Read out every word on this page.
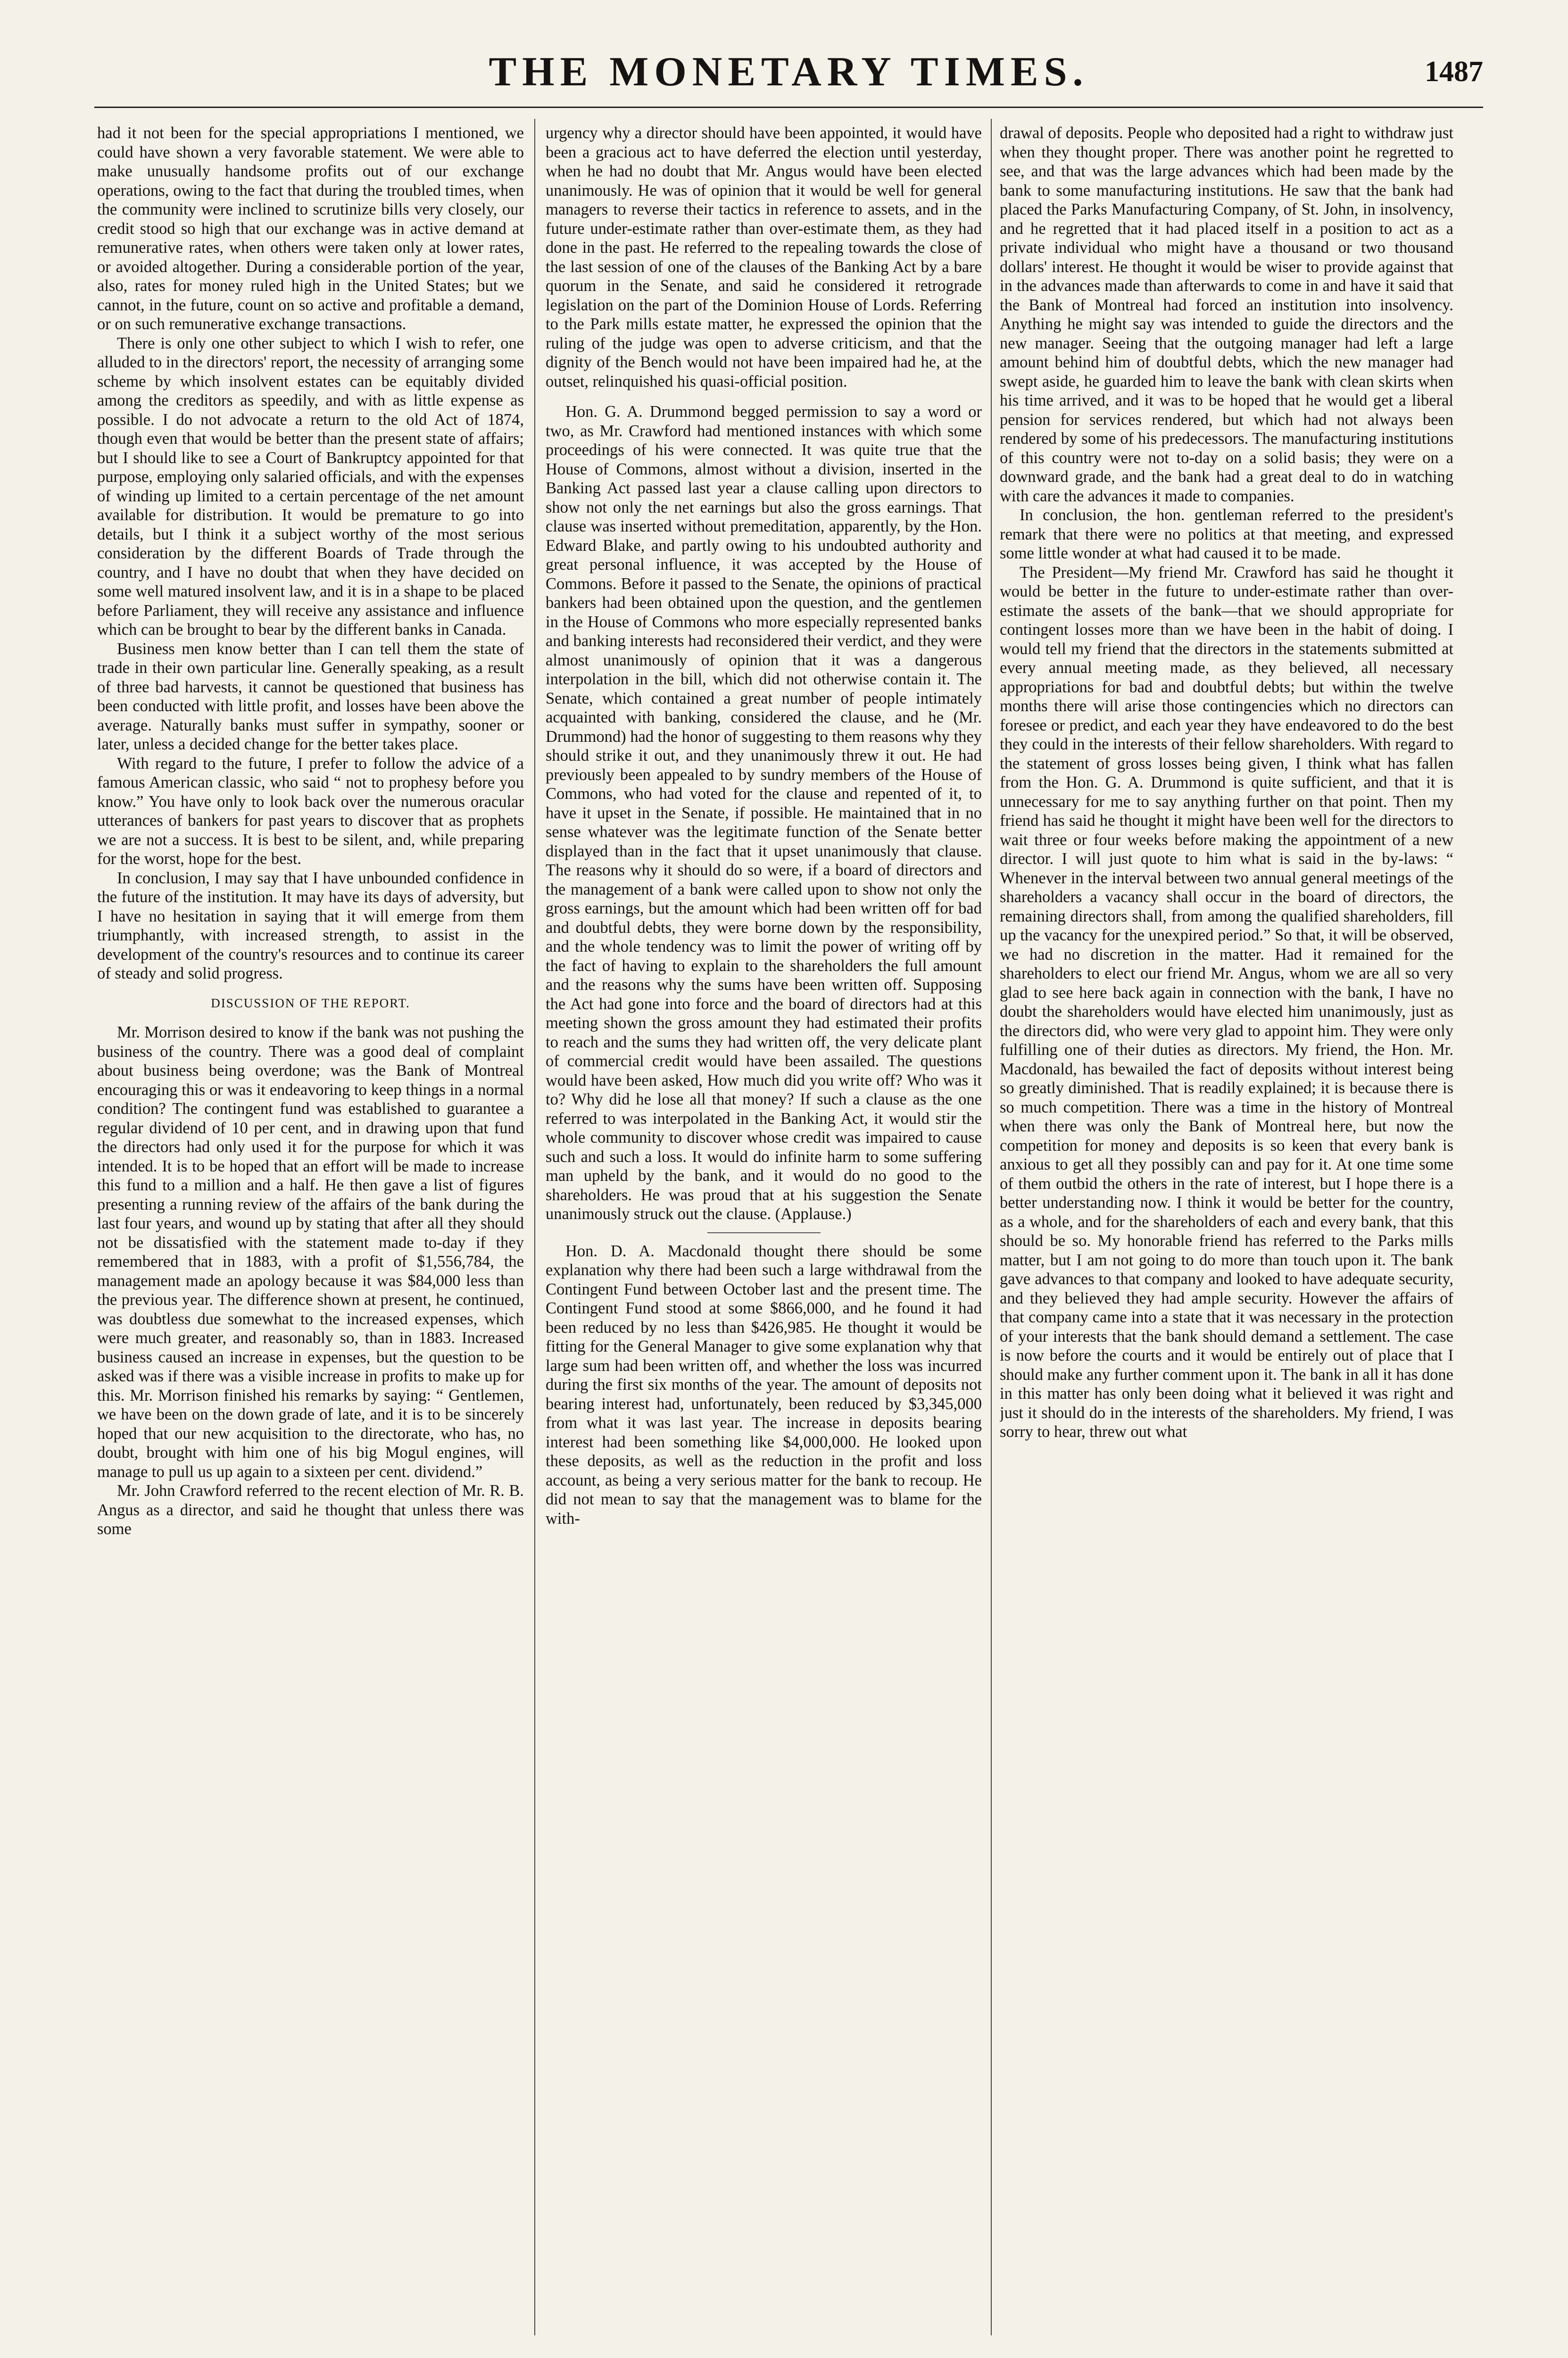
THE MONETARY TIMES.	1487

had it not been for the special appropriations I mentioned, we could have shown a very favorable statement. We were able to make unusually handsome profits out of our exchange operations, owing to the fact that during the troubled times, when the community were inclined to scrutinize bills very closely, our credit stood so high that our exchange was in active demand at remunerative rates, when others were taken only at lower rates, or avoided altogether. During a considerable portion of the year, also, rates for money ruled high in the United States; but we cannot, in the future, count on so active and profitable a demand, or on such remunerative exchange transactions.

There is only one other subject to which I wish to refer, one alluded to in the directors' report, the necessity of arranging some scheme by which insolvent estates can be equitably divided among the creditors as speedily, and with as little expense as possible. I do not advocate a return to the old Act of 1874, though even that would be better than the present state of affairs; but I should like to see a Court of Bankruptcy appointed for that purpose, employing only salaried officials, and with the expenses of winding up limited to a certain percentage of the net amount available for distribution. It would be premature to go into details, but I think it a subject worthy of the most serious consideration by the different Boards of Trade through the country, and I have no doubt that when they have decided on some well matured insolvent law, and it is in a shape to be placed before Parliament, they will receive any assistance and influence which can be brought to bear by the different banks in Canada.

Business men know better than I can tell them the state of trade in their own particular line. Generally speaking, as a result of three bad harvests, it cannot be questioned that business has been conducted with little profit, and losses have been above the average. Naturally banks must suffer in sympathy, sooner or later, unless a decided change for the better takes place.

With regard to the future, I prefer to follow the advice of a famous American classic, who said “ not to prophesy before you know.” You have only to look back over the numerous oracular utterances of bankers for past years to discover that as prophets we are not a success. It is best to be silent, and, while preparing for the worst, hope for the best.

In conclusion, I may say that I have unbounded confidence in the future of the institution. It may have its days of adversity, but I have no hesitation in saying that it will emerge from them triumphantly, with increased strength, to assist in the development of the country's resources and to continue its career of steady and solid progress.

DISCUSSION OF THE REPORT.

Mr. Morrison desired to know if the bank was not pushing the business of the country. There was a good deal of complaint about business being overdone; was the Bank of Montreal encouraging this or was it endeavoring to keep things in a normal condition? The contingent fund was established to guarantee a regular dividend of 10 per cent, and in drawing upon that fund the directors had only used it for the purpose for which it was intended. It is to be hoped that an effort will be made to increase this fund to a million and a half. He then gave a list of figures presenting a running review of the affairs of the bank during the last four years, and wound up by stating that after all they should not be dissatisfied with the statement made to-day if they remembered that in 1883, with a profit of $1,556,784, the management made an apology because it was $84,000 less than the previous year. The difference shown at present, he continued, was doubtless due somewhat to the increased expenses, which were much greater, and reasonably so, than in 1883. Increased business caused an increase in expenses, but the question to be asked was if there was a visible increase in profits to make up for this. Mr. Morrison finished his remarks by saying: “ Gentlemen, we have been on the down grade of late, and it is to be sincerely hoped that our new acquisition to the directorate, who has, no doubt, brought with him one of his big Mogul engines, will manage to pull us up again to a sixteen per cent. dividend.”

Mr. John Crawford referred to the recent election of Mr. R. B. Angus as a director, and said he thought that unless there was some

urgency why a director should have been appointed, it would have been a gracious act to have deferred the election until yesterday, when he had no doubt that Mr. Angus would have been elected unanimously. He was of opinion that it would be well for general managers to reverse their tactics in reference to assets, and in the future under-estimate rather than over-estimate them, as they had done in the past. He referred to the repealing towards the close of the last session of one of the clauses of the Banking Act by a bare quorum in the Senate, and said he considered it retrograde legislation on the part of the Dominion House of Lords. Referring to the Park mills estate matter, he expressed the opinion that the ruling of the judge was open to adverse criticism, and that the dignity of the Bench would not have been impaired had he, at the outset, relinquished his quasi-official position.

Hon. G. A. Drummond begged permission to say a word or two, as Mr. Crawford had mentioned instances with which some proceedings of his were connected. It was quite true that the House of Commons, almost without a division, inserted in the Banking Act passed last year a clause calling upon directors to show not only the net earnings but also the gross earnings. That clause was inserted without premeditation, apparently, by the Hon. Edward Blake, and partly owing to his undoubted authority and great personal influence, it was accepted by the House of Commons. Before it passed to the Senate, the opinions of practical bankers had been obtained upon the question, and the gentlemen in the House of Commons who more especially represented banks and banking interests had reconsidered their verdict, and they were almost unanimously of opinion that it was a dangerous interpolation in the bill, which did not otherwise contain it. The Senate, which contained a great number of people intimately acquainted with banking, considered the clause, and he (Mr. Drummond) had the honor of suggesting to them reasons why they should strike it out, and they unanimously threw it out. He had previously been appealed to by sundry members of the House of Commons, who had voted for the clause and repented of it, to have it upset in the Senate, if possible. He maintained that in no sense whatever was the legitimate function of the Senate better displayed than in the fact that it upset unanimously that clause. The reasons why it should do so were, if a board of directors and the management of a bank were called upon to show not only the gross earnings, but the amount which had been written off for bad and doubtful debts, they were borne down by the responsibility, and the whole tendency was to limit the power of writing off by the fact of having to explain to the shareholders the full amount and the reasons why the sums have been written off. Supposing the Act had gone into force and the board of directors had at this meeting shown the gross amount they had estimated their profits to reach and the sums they had written off, the very delicate plant of commercial credit would have been assailed. The questions would have been asked, How much did you write off? Who was it to? Why did he lose all that money? If such a clause as the one referred to was interpolated in the Banking Act, it would stir the whole community to discover whose credit was impaired to cause such and such a loss. It would do infinite harm to some suffering man upheld by the bank, and it would do no good to the shareholders. He was proud that at his suggestion the Senate unanimously struck out the clause. (Applause.)

Hon. D. A. Macdonald thought there should be some explanation why there had been such a large withdrawal from the Contingent Fund between October last and the present time. The Contingent Fund stood at some $866,000, and he found it had been reduced by no less than $426,985. He thought it would be fitting for the General Manager to give some explanation why that large sum had been written off, and whether the loss was incurred during the first six months of the year. The amount of deposits not bearing interest had, unfortunately, been reduced by $3,345,000 from what it was last year. The increase in deposits bearing interest had been something like $4,000,000. He looked upon these deposits, as well as the reduction in the profit and loss account, as being a very serious matter for the bank to recoup. He did not mean to say that the management was to blame for the with-

drawal of deposits. People who deposited had a right to withdraw just when they thought proper. There was another point he regretted to see, and that was the large advances which had been made by the bank to some manufacturing institutions. He saw that the bank had placed the Parks Manufacturing Company, of St. John, in insolvency, and he regretted that it had placed itself in a position to act as a private individual who might have a thousand or two thousand dollars' interest. He thought it would be wiser to provide against that in the advances made than afterwards to come in and have it said that the Bank of Montreal had forced an institution into insolvency. Anything he might say was intended to guide the directors and the new manager. Seeing that the outgoing manager had left a large amount behind him of doubtful debts, which the new manager had swept aside, he guarded him to leave the bank with clean skirts when his time arrived, and it was to be hoped that he would get a liberal pension for services rendered, but which had not always been rendered by some of his predecessors. The manufacturing institutions of this country were not to-day on a solid basis; they were on a downward grade, and the bank had a great deal to do in watching with care the advances it made to companies.

In conclusion, the hon. gentleman referred to the president's remark that there were no politics at that meeting, and expressed some little wonder at what had caused it to be made.

The President—My friend Mr. Crawford has said he thought it would be better in the future to under-estimate rather than over-estimate the assets of the bank—that we should appropriate for contingent losses more than we have been in the habit of doing. I would tell my friend that the directors in the statements submitted at every annual meeting made, as they believed, all necessary appropriations for bad and doubtful debts; but within the twelve months there will arise those contingencies which no directors can foresee or predict, and each year they have endeavored to do the best they could in the interests of their fellow shareholders. With regard to the statement of gross losses being given, I think what has fallen from the Hon. G. A. Drummond is quite sufficient, and that it is unnecessary for me to say anything further on that point. Then my friend has said he thought it might have been well for the directors to wait three or four weeks before making the appointment of a new director. I will just quote to him what is said in the by-laws: “ Whenever in the interval between two annual general meetings of the shareholders a vacancy shall occur in the board of directors, the remaining directors shall, from among the qualified shareholders, fill up the vacancy for the unexpired period.” So that, it will be observed, we had no discretion in the matter. Had it remained for the shareholders to elect our friend Mr. Angus, whom we are all so very glad to see here back again in connection with the bank, I have no doubt the shareholders would have elected him unanimously, just as the directors did, who were very glad to appoint him. They were only fulfilling one of their duties as directors. My friend, the Hon. Mr. Macdonald, has bewailed the fact of deposits without interest being so greatly diminished. That is readily explained; it is because there is so much competition. There was a time in the history of Montreal when there was only the Bank of Montreal here, but now the competition for money and deposits is so keen that every bank is anxious to get all they possibly can and pay for it. At one time some of them outbid the others in the rate of interest, but I hope there is a better understanding now. I think it would be better for the country, as a whole, and for the shareholders of each and every bank, that this should be so. My honorable friend has referred to the Parks mills matter, but I am not going to do more than touch upon it. The bank gave advances to that company and looked to have adequate security, and they believed they had ample security. However the affairs of that company came into a state that it was necessary in the protection of your interests that the bank should demand a settlement. The case is now before the courts and it would be entirely out of place that I should make any further comment upon it. The bank in all it has done in this matter has only been doing what it believed it was right and just it should do in the interests of the shareholders. My friend, I was sorry to hear, threw out what
